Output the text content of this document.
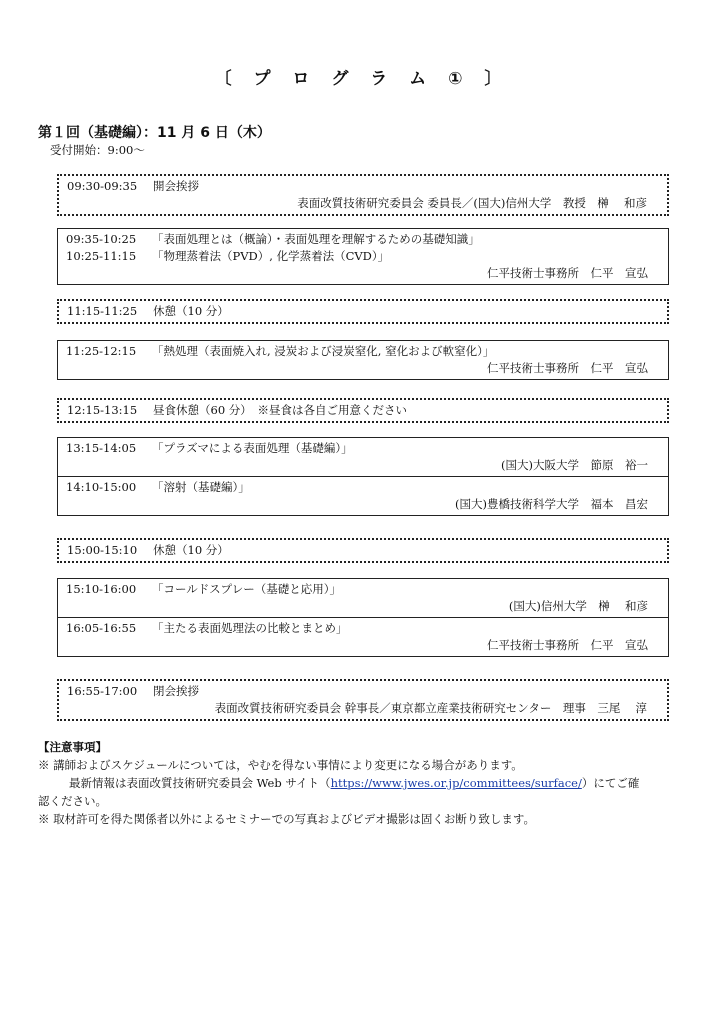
〔 プ ロ グ ラ ム ① 〕
第１回（基礎編）：11 月 6 日（木）
受付開始：9:00～
09:30-09:35 開会挨拶
表面改質技術研究委員会 委員長／(国大)信州大学　教授　榊　 和彦
09:35-10:25 「表面処理とは（概論）・表面処理を理解するための基礎知識」
10:25-11:15 「物理蒸着法（PVD）, 化学蒸着法（CVD）」
仁平技術士事務所　仁平　宣弘
11:15-11:25 休憩（10 分）
11:25-12:15 「熱処理（表面焼入れ, 浸炭および浸炭窒化, 窒化および軟窒化）」
仁平技術士事務所　仁平　宣弘
12:15-13:15 昼食休憩（60 分）　※昼食は各自ご用意ください
13:15-14:05 「プラズマによる表面処理（基礎編）」
(国大)大阪大学　節原　裕一
14:10-15:00 「溶射（基礎編）」
(国大)豊橋技術科学大学　福本　昌宏
15:00-15:10 休憩（10 分）
15:10-16:00 「コールドスプレー（基礎と応用）」
(国大)信州大学　榊　 和彦
16:05-16:55 「主たる表面処理法の比較とまとめ」
仁平技術士事務所　仁平　宣弘
16:55-17:00 閉会挨拶
表面改質技術研究委員会 幹事長／東京都立産業技術研究センター　理事　三尾　 淳
【注意事項】
※ 講師およびスケジュールについては，やむを得ない事情により変更になる場合があります。
最新情報は表面改質技術研究委員会 Web サイト（https://www.jwes.or.jp/committees/surface/）にてご確
認ください。
※ 取材許可を得た関係者以外によるセミナーでの写真およびビデオ撮影は固くお断り致します。
